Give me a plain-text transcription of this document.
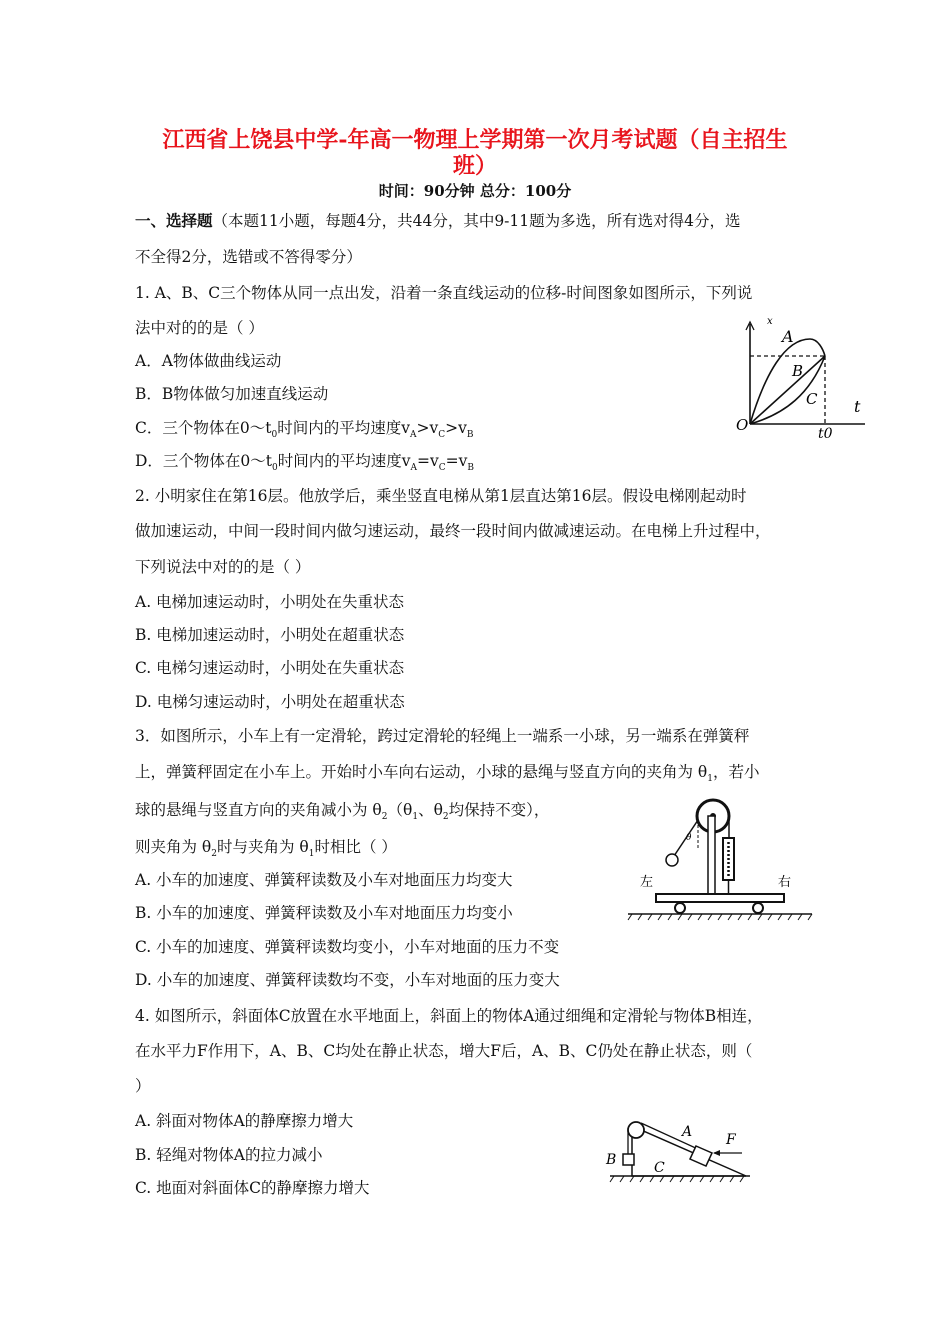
江西省上饶县中学-年高一物理上学期第一次月考试题（自主招生
班）
时间：90分钟 总分：100分
一、选择题（本题11小题，每题4分，共44分，其中9-11题为多选，所有选对得4分，选
不全得2分，选错或不答得零分）
1. A、B、C三个物体从同一点出发，沿着一条直线运动的位移-时间图象如图所示，下列说
法中对的的是（ ）
A．A物体做曲线运动
B．B物体做匀加速直线运动
C．三个物体在$0\sim t_0$时间内的平均速度$v_A>v_C>v_B$
D．三个物体在$0\sim t_0$时间内的平均速度$v_A=v_C=v_B$
x
A
B
C t
t0
O
2. 小明家住在第16层。他放学后，乘坐竖直电梯从第1层直达第16层。假设电梯刚起动时
做加速运动，中间一段时间内做匀速运动，最终一段时间内做减速运动。在电梯上升过程中，
下列说法中对的的是（ ）
A. 电梯加速运动时，小明处在失重状态
B. 电梯加速运动时，小明处在超重状态
C. 电梯匀速运动时，小明处在失重状态
D. 电梯匀速运动时，小明处在超重状态
3．如图所示，小车上有一定滑轮，跨过定滑轮的轻绳上一端系一小球，另一端系在弹簧秤
上，弹簧秤固定在小车上。开始时小车向右运动，小球的悬绳与竖直方向的夹角为 $\theta_1$，若小
球的悬绳与竖直方向的夹角减小为 $\theta_2(\theta_1$、$\theta_2$均保持不变），
则夹角为 $\theta_2$时与夹角为 $\theta_1$时相比（ ）
A. 小车的加速度、弹簧秤读数及小车对地面压力均变大
B. 小车的加速度、弹簧秤读数及小车对地面压力均变小
C. 小车的加速度、弹簧秤读数均变小，小车对地面的压力不变
D. 小车的加速度、弹簧秤读数均不变，小车对地面的压力变大
θ
左	右
4. 如图所示，斜面体C放置在水平地面上，斜面上的物体A通过细绳和定滑轮与物体B相连，
在水平力F作用下，A、B、C均处在静止状态，增大F后，A、B、C仍处在静止状态，则（
）
A. 斜面对物体A的静摩擦力增大
B. 轻绳对物体A的拉力减小
C. 地面对斜面体C的静摩擦力增大
A
B	C
F
